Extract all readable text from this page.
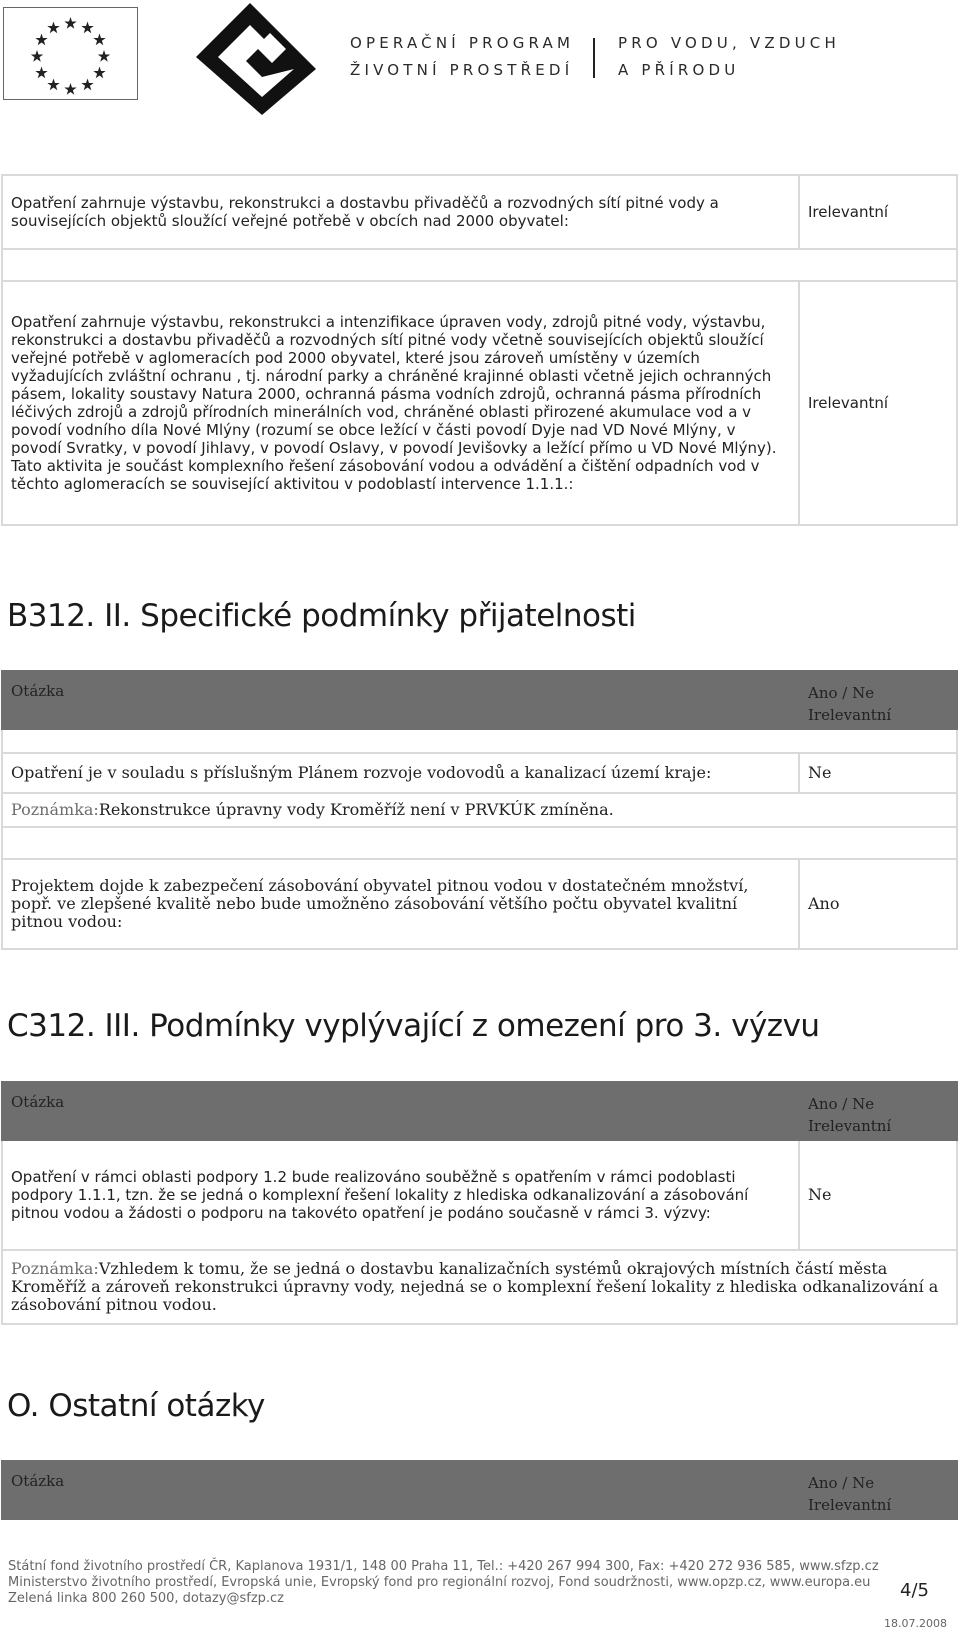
OPERAČNÍ PROGRAM
ŽIVOTNÍ PROSTŘEDÍ
PRO VODU, VZDUCH
A PŘÍRODU
Opatření zahrnuje výstavbu, rekonstrukci a dostavbu přivaděčů a rozvodných sítí pitné vody a souvisejících objektů sloužící veřejné potřebě v obcích nad 2000 obyvatel:	Irelevantní

Opatření zahrnuje výstavbu, rekonstrukci a intenzifikace úpraven vody, zdrojů pitné vody, výstavbu, rekonstrukci a dostavbu přivaděčů a rozvodných sítí pitné vody včetně souvisejících objektů sloužící veřejné potřebě v aglomeracích pod 2000 obyvatel, které jsou zároveň umístěny v územích vyžadujících zvláštní ochranu , tj. národní parky a chráněné krajinné oblasti včetně jejich ochranných pásem, lokality soustavy Natura 2000, ochranná pásma vodních zdrojů, ochranná pásma přírodních léčivých zdrojů a zdrojů přírodních minerálních vod, chráněné oblasti přirozené akumulace vod a v povodí vodního díla Nové Mlýny (rozumí se obce ležící v části povodí Dyje nad VD Nové Mlýny, v povodí Svratky, v povodí Jihlavy, v povodí Oslavy, v povodí Jevišovky a ležící přímo u VD Nové Mlýny). Tato aktivita je součást komplexního řešení zásobování vodou a odvádění a čištění odpadních vod v těchto aglomeracích se související aktivitou v podoblastí intervence 1.1.1.:	Irelevantní
B312. II. Specifické podmínky přijatelnosti
Otázka	Ano / Ne
Irelevantní

Opatření je v souladu s příslušným Plánem rozvoje vodovodů a kanalizací území kraje:	Ne
Poznámka:Rekonstrukce úpravny vody Kroměříž není v PRVKÚK zmíněna.	

Projektem dojde k zabezpečení zásobování obyvatel pitnou vodou v dostatečném množství, popř. ve zlepšené kvalitě nebo bude umožněno zásobování většího počtu obyvatel kvalitní pitnou vodou:	Ano
C312. III. Podmínky vyplývající z omezení pro 3. výzvu
Otázka	Ano / Ne
Irelevantní

Opatření v rámci oblasti podpory 1.2 bude realizováno souběžně s opatřením v rámci podoblasti podpory 1.1.1, tzn. že se jedná o komplexní řešení lokality z hlediska odkanalizování a zásobování pitnou vodou a žádosti o podporu na takovéto opatření je podáno současně v rámci 3. výzvy:	Ne
Poznámka:Vzhledem k tomu, že se jedná o dostavbu kanalizačních systémů okrajových místních částí města Kroměříž a zároveň rekonstrukci úpravny vody, nejedná se o komplexní řešení lokality z hlediska odkanalizování a zásobování pitnou vodou.	
O. Ostatní otázky
Otázka	Ano / Ne
Irelevantní
Státní fond životního prostředí ČR, Kaplanova 1931/1, 148 00 Praha 11, Tel.: +420 267 994 300, Fax: +420 272 936 585, www.sfzp.cz
Ministerstvo životního prostředí, Evropská unie, Evropský fond pro regionální rozvoj, Fond soudržnosti, www.opzp.cz, www.europa.eu
Zelená linka 800 260 500, dotazy@sfzp.cz	4/5
18.07.2008
